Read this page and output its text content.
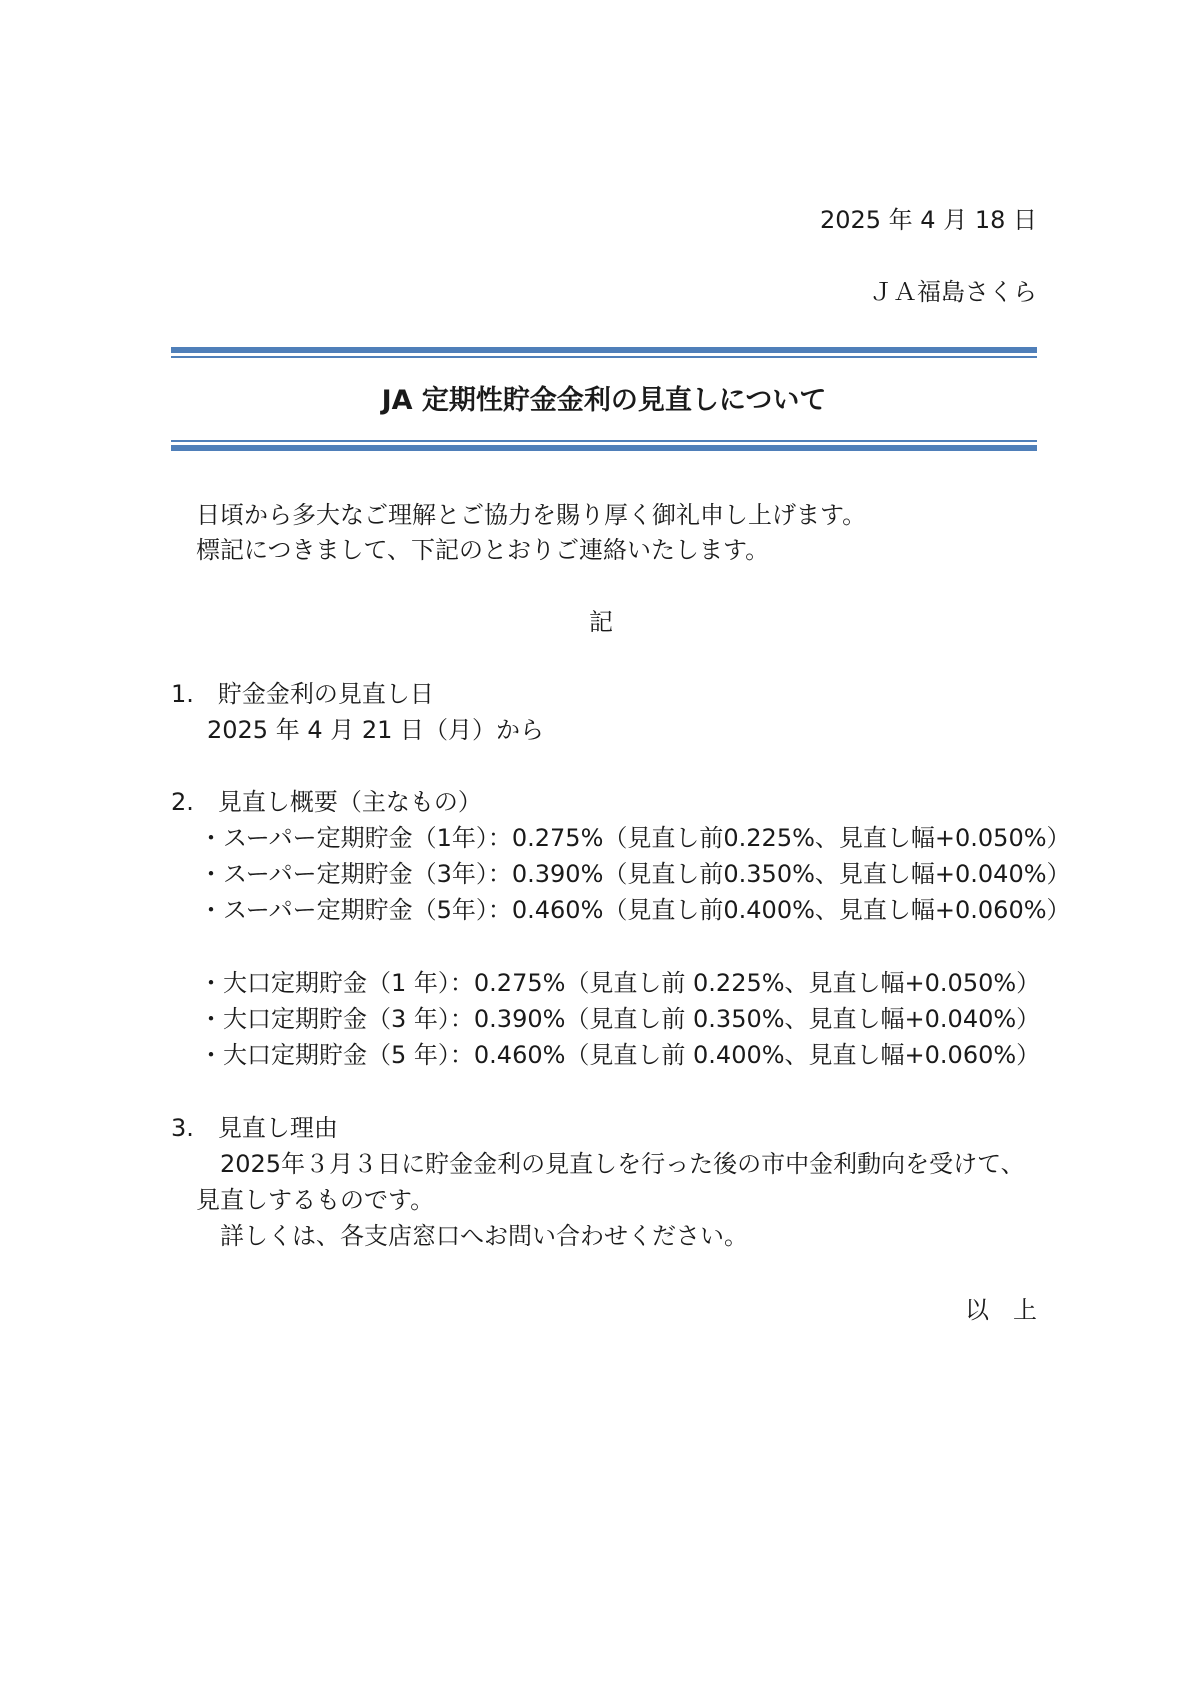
2025 年 4 月 18 日
ＪＡ福島さくら
JA 定期性貯金金利の見直しについて
日頃から多大なご理解とご協力を賜り厚く御礼申し上げます。
標記につきまして、下記のとおりご連絡いたします。
記
1.　貯金金利の見直し日
2025 年 4 月 21 日（月）から
2.　見直し概要（主なもの）
・スーパー定期貯金（1年）：0.275%（見直し前0.225%、見直し幅+0.050%）
・スーパー定期貯金（3年）：0.390%（見直し前0.350%、見直し幅+0.040%）
・スーパー定期貯金（5年）：0.460%（見直し前0.400%、見直し幅+0.060%）
・大口定期貯金（1 年）：0.275%（見直し前 0.225%、見直し幅+0.050%）
・大口定期貯金（3 年）：0.390%（見直し前 0.350%、見直し幅+0.040%）
・大口定期貯金（5 年）：0.460%（見直し前 0.400%、見直し幅+0.060%）
3.　見直し理由
2025年３月３日に貯金金利の見直しを行った後の市中金利動向を受けて、
見直しするものです。
詳しくは、各支店窓口へお問い合わせください。
以　上
